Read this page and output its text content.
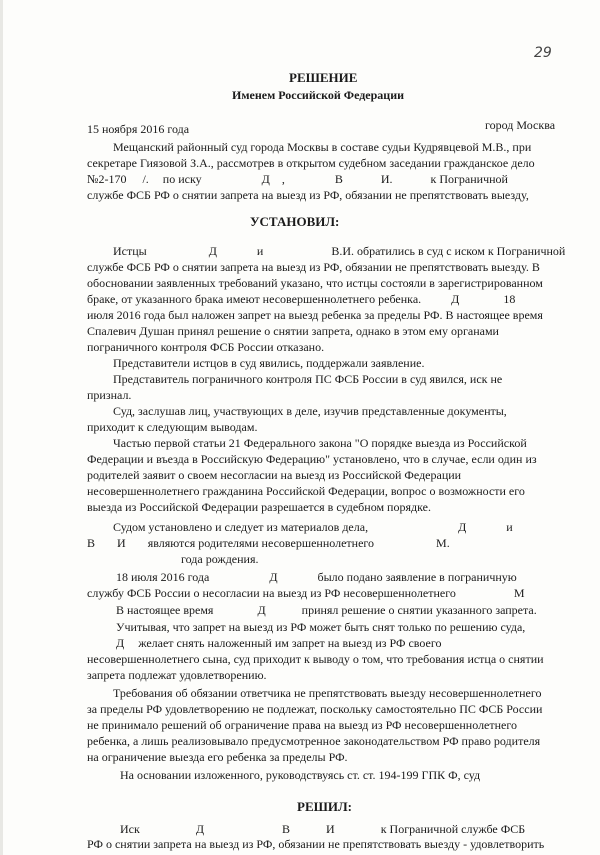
29
РЕШЕНИЕ
Именем Российской Федерации
15 ноября 2016 года	город Москва
Мещанский районный суд города Москвы в составе судьи Кудрявцевой М.В., при
секретаре Гиязовой З.А., рассмотрев в открытом судебном заседании гражданское дело
№2-170 /. по иску	Д ,	В	И.	к Пограничной
службе ФСБ РФ о снятии запрета на выезд из РФ, обязании не препятствовать выезду,
УСТАНОВИЛ:
Истцы	Д	и	В.И. обратились в суд с иском к Пограничной
службе ФСБ РФ о снятии запрета на выезд из РФ, обязании не препятствовать выезду. В
обосновании заявленных требований указано, что истцы состояли в зарегистрированном
браке, от указанного брака имеют несовершеннолетнего ребенка.	Д	18
июля 2016 года был наложен запрет на выезд ребенка за пределы РФ. В настоящее время
Спалевич Душан принял решение о снятии запрета, однако в этом ему органами
пограничного контроля ФСБ России отказано.
Представители истцов в суд явились, поддержали заявление.
Представитель пограничного контроля ПС ФСБ России в суд явился, иск не
признал.
Суд, заслушав лиц, участвующих в деле, изучив представленные документы,
приходит к следующим выводам.
Частью первой статьи 21 Федерального закона "О порядке выезда из Российской
Федерации и въезда в Российскую Федерацию" установлено, что в случае, если один из
родителей заявит о своем несогласии на выезд из Российской Федерации
несовершеннолетнего гражданина Российской Федерации, вопрос о возможности его
выезда из Российской Федерации разрешается в судебном порядке.
Судом установлено и следует из материалов дела,	Д	и
В И являются родителями несовершеннолетнего	М.
года рождения.
18 июля 2016 года	Д	было подано заявление в пограничную
службу ФСБ России о несогласии на выезд из РФ несовершеннолетнего	М
В настоящее время	Д	принял решение о снятии указанного запрета.
Учитывая, что запрет на выезд из РФ может быть снят только по решению суда,
Д желает снять наложенный им запрет на выезд из РФ своего
несовершеннолетнего сына, суд приходит к выводу о том, что требования истца о снятии
запрета подлежат удовлетворению.
Требования об обязании ответчика не препятствовать выезду несовершеннолетнего
за пределы РФ удовлетворению не подлежат, поскольку самостоятельно ПС ФСБ России
не принимало решений об ограничение права на выезд из РФ несовершеннолетнего
ребенка, а лишь реализовывало предусмотренное законодательством РФ право родителя
на ограничение выезда его ребенка за пределы РФ.
На основании изложенного, руководствуясь ст. ст. 194-199 ГПК Ф, суд
РЕШИЛ:
Иск	Д	В	И	к Пограничной службе ФСБ
РФ о снятии запрета на выезд из РФ, обязании не препятствовать выезду - удовлетворить
